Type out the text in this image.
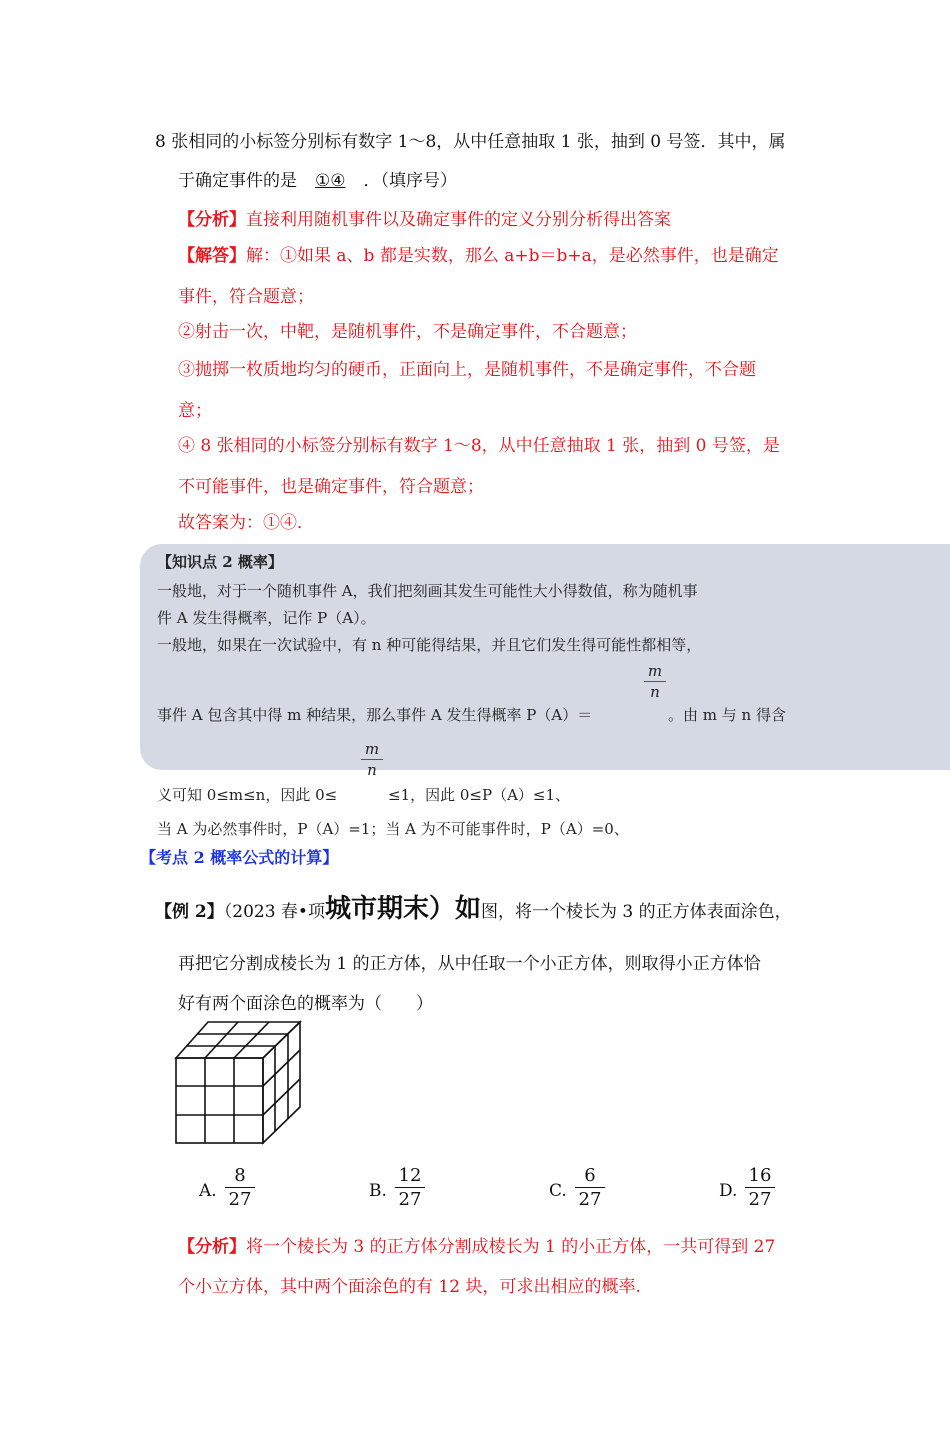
8 张相同的小标签分别标有数字 1～8，从中任意抽取 1 张，抽到 0 号签．其中，属
于确定事件的是 ①④ ．（填序号）
【分析】直接利用随机事件以及确定事件的定义分别分析得出答案
【解答】解：①如果 a、b 都是实数，那么 a+b＝b+a，是必然事件，也是确定
事件，符合题意；
②射击一次，中靶，是随机事件，不是确定事件，不合题意；
③抛掷一枚质地均匀的硬币，正面向上，是随机事件，不是确定事件，不合题
意；
④ 8 张相同的小标签分别标有数字 1～8，从中任意抽取 1 张，抽到 0 号签，是
不可能事件，也是确定事件，符合题意；
故答案为：①④．
【知识点 2 概率】
一般地，对于一个随机事件 A，我们把刻画其发生可能性大小得数值，称为随机事
件 A 发生得概率，记作 P（A）。
一般地，如果在一次试验中，有 n 种可能得结果，并且它们发生得可能性都相等，
事件 A 包含其中得 m 种结果，那么事件 A 发生得概率 P（A）＝
$\frac{m}{n}$
。由 m 与 n 得含
$\frac{m}{n}$
义可知 0≤m≤n，因此 0≤	≤1，因此 0≤P（A）≤1、
当 A 为必然事件时，P（A）=1；当 A 为不可能事件时，P（A）=0、
【考点 2 概率公式的计算】
【例 2】（2023 春•项城市期末）如图，将一个棱长为 3 的正方体表面涂色，
再把它分割成棱长为 1 的正方体，从中任取一个小正方体，则取得小正方体恰
好有两个面涂色的概率为（　　）
A. $\frac{8}{27}$	B. $\frac{12}{27}$	C. $\frac{6}{27}$	D. $\frac{16}{27}$
【分析】将一个棱长为 3 的正方体分割成棱长为 1 的小正方体，一共可得到 27
个小立方体，其中两个面涂色的有 12 块，可求出相应的概率.
